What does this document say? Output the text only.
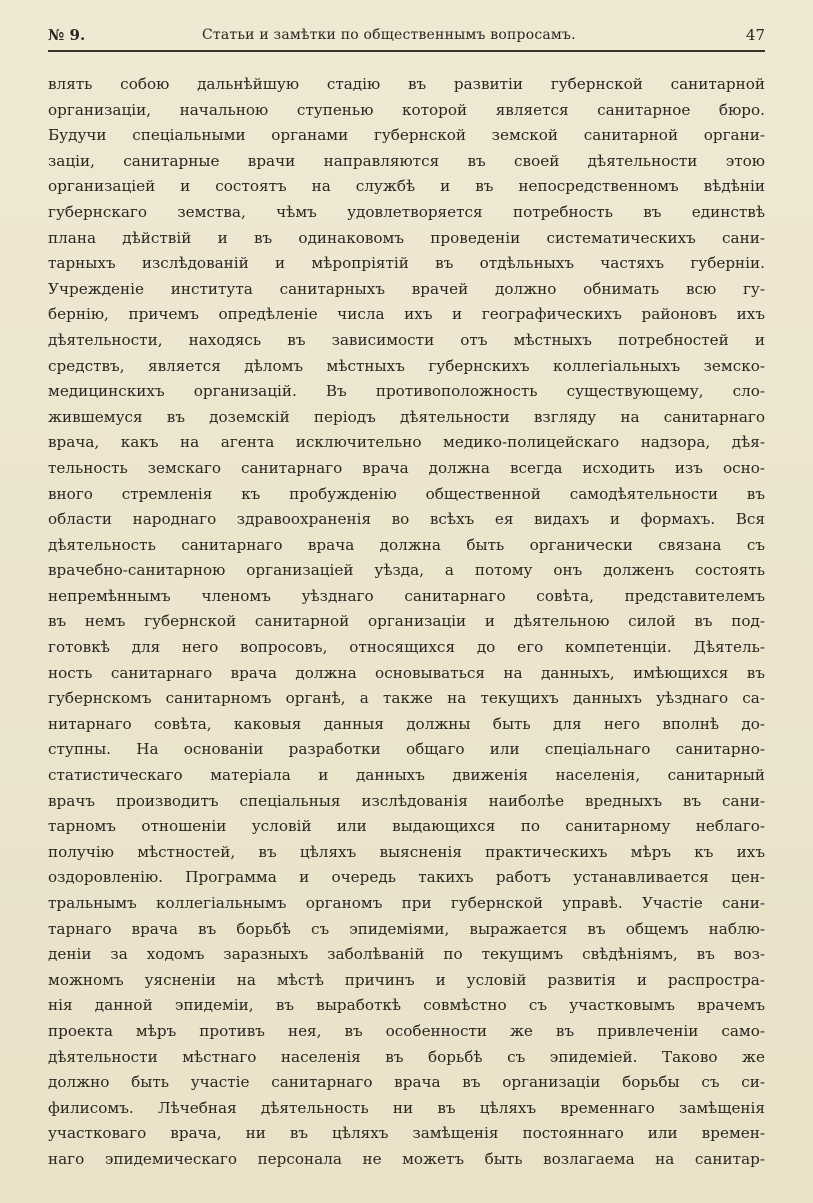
№ 9.	Статьи и замѣтки по общественнымъ вопросамъ.	47
влять собою дальнѣйшую стадію въ развитіи губернской санитарной
организаціи, начальною ступенью которой является санитарное бюро.
Будучи спеціальными органами губернской земской санитарной органи-
заціи, санитарные врачи направляются въ своей дѣятельности этою
организаціей и состоятъ на службѣ и въ непосредственномъ вѣдѣніи
губернскаго земства, чѣмъ удовлетворяется потребность въ единствѣ
плана дѣйствій и въ одинаковомъ проведеніи систематическихъ сани-
тарныхъ изслѣдованій и мѣропріятій въ отдѣльныхъ частяхъ губерніи.
Учрежденіе института санитарныхъ врачей должно обнимать всю гу-
бернію, причемъ опредѣленіе числа ихъ и географическихъ районовъ ихъ
дѣятельности, находясь въ зависимости отъ мѣстныхъ потребностей и
средствъ, является дѣломъ мѣстныхъ губернскихъ коллегіальныхъ земско-
медицинскихъ организацій. Въ противоположность существующему, сло-
жившемуся въ доземскій періодъ дѣятельности взгляду на санитарнаго
врача, какъ на агента исключительно медико-полицейскаго надзора, дѣя-
тельность земскаго санитарнаго врача должна всегда исходить изъ осно-
вного стремленія къ пробужденію общественной самодѣятельности въ
области народнаго здравоохраненія во всѣхъ ея видахъ и формахъ. Вся
дѣятельность санитарнаго врача должна быть органически связана съ
врачебно-санитарною организаціей уѣзда, а потому онъ долженъ состоять
непремѣннымъ членомъ уѣзднаго санитарнаго совѣта, представителемъ
въ немъ губернской санитарной организаціи и дѣятельною силой въ под-
готовкѣ для него вопросовъ, относящихся до его компетенціи. Дѣятель-
ность санитарнаго врача должна основываться на данныхъ, имѣющихся въ
губернскомъ санитарномъ органѣ, а также на текущихъ данныхъ уѣзднаго са-
нитарнаго совѣта, каковыя данныя должны быть для него вполнѣ до-
ступны. На основаніи разработки общаго или спеціальнаго санитарно-
статистическаго матеріала и данныхъ движенія населенія, санитарный
врачъ производитъ спеціальныя изслѣдованія наиболѣе вредныхъ въ сани-
тарномъ отношеніи условій или выдающихся по санитарному неблаго-
получію мѣстностей, въ цѣляхъ выясненія практическихъ мѣръ къ ихъ
оздоровленію. Программа и очередь такихъ работъ устанавливается цен-
тральнымъ коллегіальнымъ органомъ при губернской управѣ. Участіе сани-
тарнаго врача въ борьбѣ съ эпидеміями, выражается въ общемъ наблю-
деніи за ходомъ заразныхъ заболѣваній по текущимъ свѣдѣніямъ, въ воз-
можномъ уясненіи на мѣстѣ причинъ и условій развитія и распростра-
нія данной эпидеміи, въ выработкѣ совмѣстно съ участковымъ врачемъ
проекта мѣръ противъ нея, въ особенности же въ привлеченіи само-
дѣятельности мѣстнаго населенія въ борьбѣ съ эпидеміей. Таково же
должно быть участіе санитарнаго врача въ организаціи борьбы съ си-
филисомъ. Лѣчебная дѣятельность ни въ цѣляхъ временнаго замѣщенія
участковаго врача, ни въ цѣляхъ замѣщенія постояннаго или времен-
наго эпидемическаго персонала не можетъ быть возлагаема на санитар-
